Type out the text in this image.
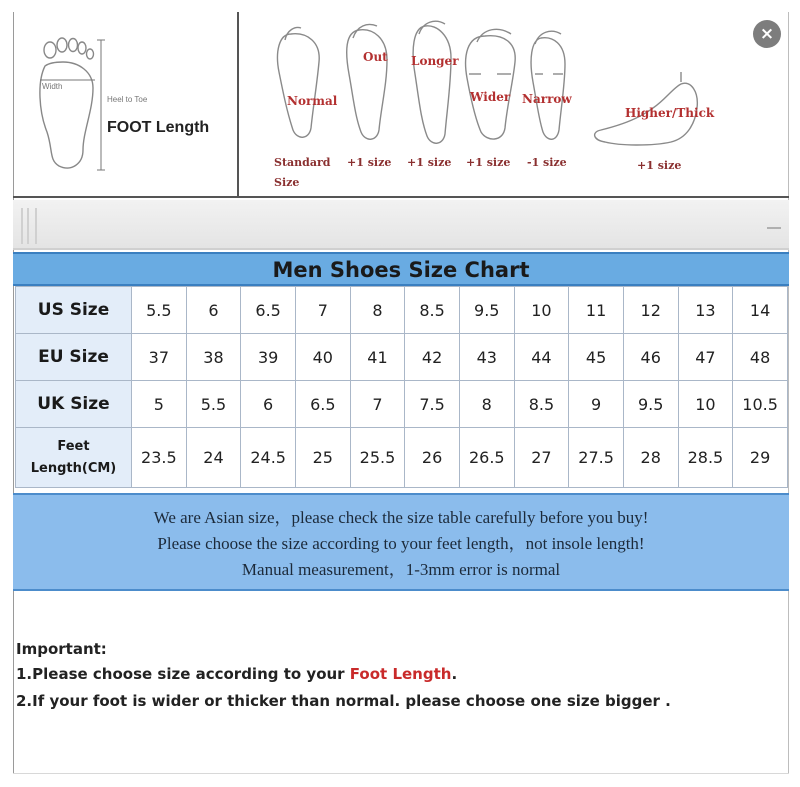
Width
Heel to Toe
FOOT Length
Normal
Out Longer
Wider Narrow
Higher/Thick
Standard
Size
+1 size +1 size +1 size -1 size	+1 size
×
Men Shoes Size Chart
US Size	5.5	6	6.5	7	8	8.5	9.5	10	11	12	13	14
EU Size	37	38	39	40	41	42	43	44	45	46	47	48
UK Size	5	5.5	6	6.5	7	7.5	8	8.5	9	9.5	10	10.5

Feet
Length(CM)	23.5	24	24.5	25	25.5	26	26.5	27	27.5	28	28.5	29
We are Asian size，please check the size table carefully before you buy!
Please choose the size according to your feet length，not insole length!
Manual measurement，1-3mm error is normal
Important:
1.Please choose size according to your Foot Length.
2.If your foot is wider or thicker than normal. please choose one size bigger .
